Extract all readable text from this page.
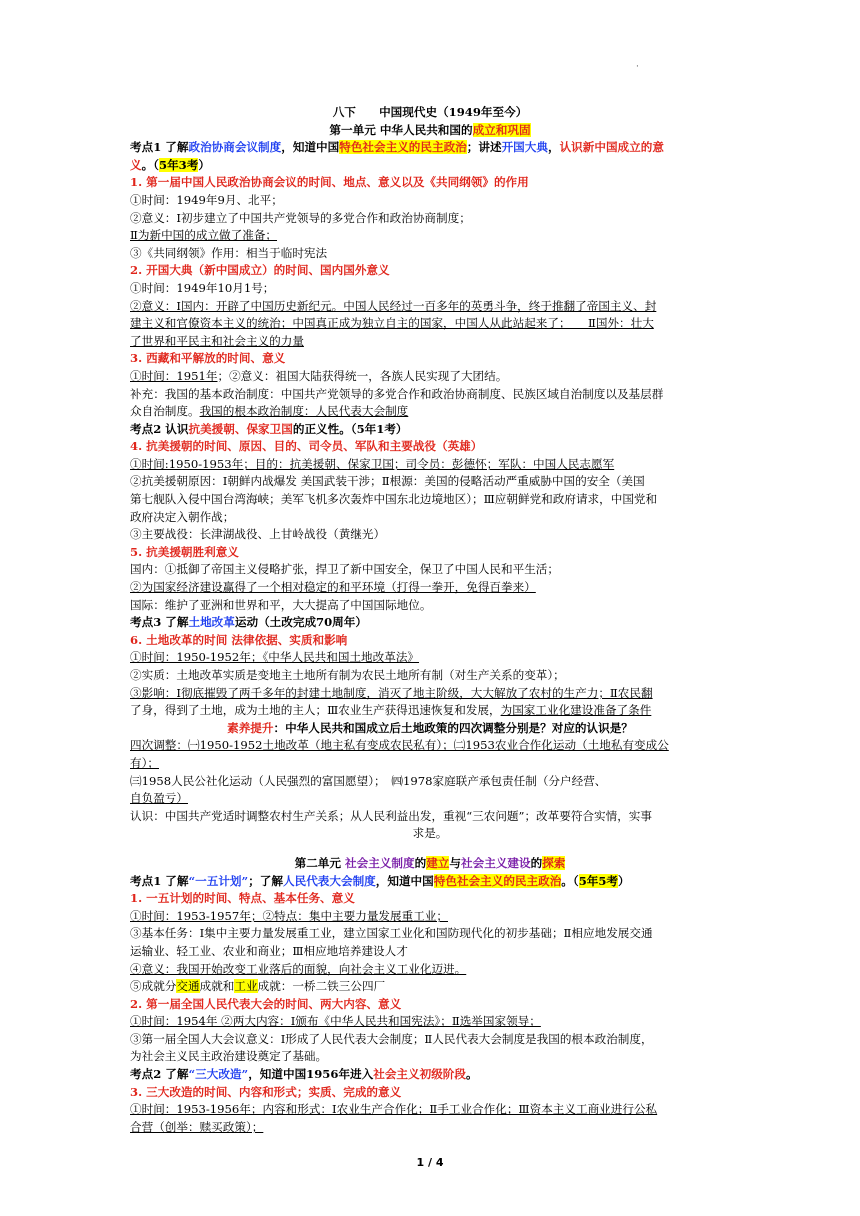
·

八下　　中国现代史（1949年至今）

第一单元 中华人民共和国的成立和巩固

考点1 了解政治协商会议制度，知道中国特色社会主义的民主政治；讲述开国大典，认识新中国成立的意

义。（5年3考）

1. 第一届中国人民政治协商会议的时间、地点、意义以及《共同纲领》的作用

①时间：1949年9月、北平；

②意义：Ⅰ初步建立了中国共产党领导的多党合作和政治协商制度；

Ⅱ为新中国的成立做了准备；

③《共同纲领》作用：相当于临时宪法

2. 开国大典（新中国成立）的时间、国内国外意义

①时间：1949年10月1号；

②意义：Ⅰ国内：开辟了中国历史新纪元。中国人民经过一百多年的英勇斗争，终于推翻了帝国主义、封

建主义和官僚资本主义的统治；中国真正成为独立自主的国家，中国人从此站起来了；　　Ⅱ国外：壮大

了世界和平民主和社会主义的力量

3. 西藏和平解放的时间、意义

①时间：1951年；②意义：祖国大陆获得统一，各族人民实现了大团结。

补充：我国的基本政治制度：中国共产党领导的多党合作和政治协商制度、民族区域自治制度以及基层群

众自治制度。我国的根本政治制度：人民代表大会制度

考点2 认识抗美援朝、保家卫国的正义性。（5年1考）

4. 抗美援朝的时间、原因、目的、司令员、军队和主要战役（英雄）

①时间:1950-1953年；目的：抗美援朝、保家卫国；司令员：彭德怀；军队：中国人民志愿军

②抗美援朝原因：Ⅰ朝鲜内战爆发 美国武装干涉；Ⅱ根源：美国的侵略活动严重威胁中国的安全（美国

第七舰队入侵中国台湾海峡；美军飞机多次轰炸中国东北边境地区）；Ⅲ应朝鲜党和政府请求，中国党和

政府决定入朝作战；

③主要战役：长津湖战役、上甘岭战役（黄继光）

5. 抗美援朝胜利意义

国内：①抵御了帝国主义侵略扩张，捍卫了新中国安全，保卫了中国人民和平生活；

②为国家经济建设赢得了一个相对稳定的和平环境（打得一拳开，免得百拳来）

国际：维护了亚洲和世界和平，大大提高了中国国际地位。

考点3 了解土地改革运动（土改完成70周年）

6. 土地改革的时间 法律依据、实质和影响

①时间：1950-1952年；《中华人民共和国土地改革法》

②实质：土地改革实质是变地主土地所有制为农民土地所有制（对生产关系的变革）；

③影响：Ⅰ彻底摧毁了两千多年的封建土地制度，消灭了地主阶级，大大解放了农村的生产力；Ⅱ农民翻

了身，得到了土地，成为土地的主人；Ⅲ农业生产获得迅速恢复和发展，为国家工业化建设准备了条件

素养提升：中华人民共和国成立后土地政策的四次调整分别是？对应的认识是？

四次调整：㈠1950-1952土地改革（地主私有变成农民私有）；㈡1953农业合作化运动（土地私有变成公

有）；

㈢1958人民公社化运动（人民强烈的富国愿望）；　㈣1978家庭联产承包责任制（分户经营、

自负盈亏）

认识：中国共产党适时调整农村生产关系；从人民利益出发，重视“三农问题”；改革要符合实情，实事

求是。

第二单元 社会主义制度的建立与社会主义建设的探索

考点1 了解“一五计划”；了解人民代表大会制度，知道中国特色社会主义的民主政治。（5年5考）

1. 一五计划的时间、特点、基本任务、意义

①时间：1953-1957年；②特点：集中主要力量发展重工业；

③基本任务：Ⅰ集中主要力量发展重工业，建立国家工业化和国防现代化的初步基础；Ⅱ相应地发展交通

运输业、轻工业、农业和商业；Ⅲ相应地培养建设人才

④意义：我国开始改变工业落后的面貌，向社会主义工业化迈进。

⑤成就分交通成就和工业成就：一桥二铁三公四厂

2. 第一届全国人民代表大会的时间、两大内容、意义

①时间：1954年 ②两大内容：Ⅰ颁布《中华人民共和国宪法》；Ⅱ选举国家领导；

③第一届全国人大会议意义：Ⅰ形成了人民代表大会制度；Ⅱ人民代表大会制度是我国的根本政治制度，

为社会主义民主政治建设奠定了基础。

考点2 了解“三大改造”，知道中国1956年进入社会主义初级阶段。

3. 三大改造的时间、内容和形式；实质、完成的意义

①时间：1953-1956年；内容和形式：Ⅰ农业生产合作化；Ⅱ手工业合作化；Ⅲ资本主义工商业进行公私

合营（创举：赎买政策）；

1 / 4
